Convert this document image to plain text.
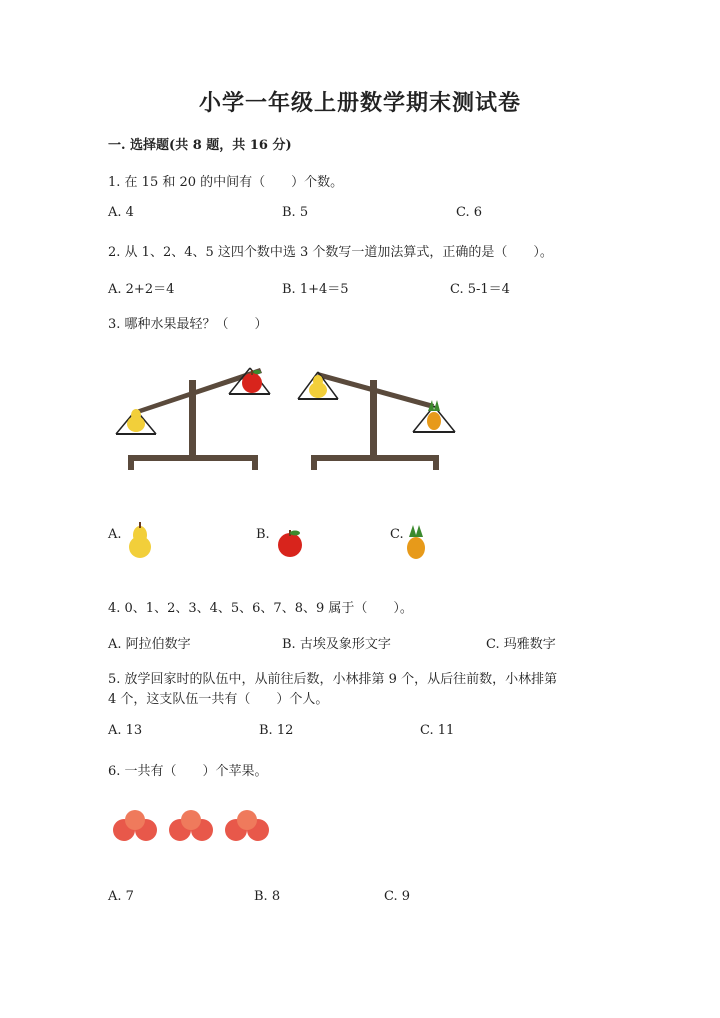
小学一年级上册数学期末测试卷
一. 选择题(共 8 题，共 16 分)
1. 在 15 和 20 的中间有（　　）个数。
A. 4	B. 5	C. 6
2. 从 1、2、4、5 这四个数中选 3 个数写一道加法算式，正确的是（　　）。
A. 2+2＝4	B. 1+4＝5	C. 5-1＝4
3. 哪种水果最轻？（　　）
A.	B.	C.
4. 0、1、2、3、4、5、6、7、8、9 属于（　　）。
A. 阿拉伯数字	B. 古埃及象形文字	C. 玛雅数字
5. 放学回家时的队伍中，从前往后数，小林排第 9 个，从后往前数，小林排第
4 个，这支队伍一共有（　　）个人。
A. 13	B. 12	C. 11
6. 一共有（　　）个苹果。
A. 7	B. 8	C. 9
